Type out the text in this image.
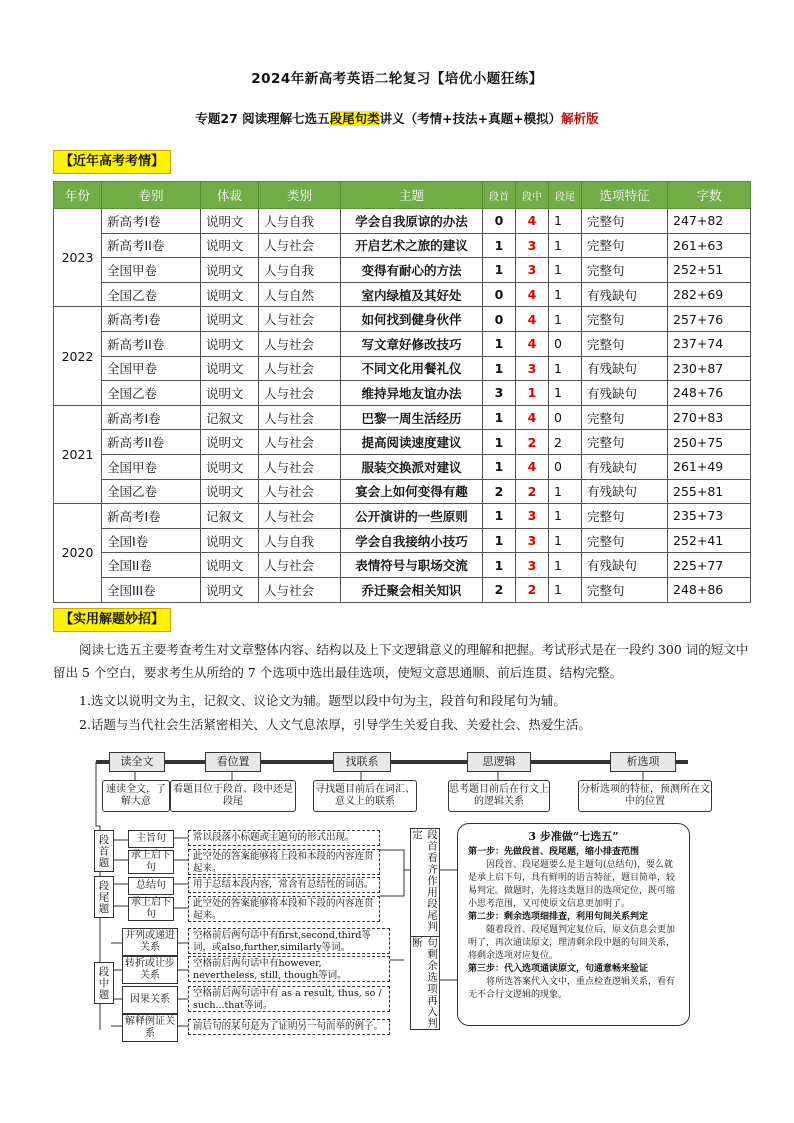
2024年新高考英语二轮复习【培优小题狂练】
专题27 阅读理解七选五段尾句类讲义（考情+技法+真题+模拟）解析版
【近年高考考情】
年份	卷别	体裁	类别	主题	段首	段中	段尾	选项特征	字数
2023	新高考I卷	说明文	人与自我	学会自我原谅的办法	0	4	1	完整句	247+82
	新高考II卷	说明文	人与社会	开启艺术之旅的建议	1	3	1	完整句	261+63
	全国甲卷	说明文	人与自我	变得有耐心的方法	1	3	1	完整句	252+51
	全国乙卷	说明文	人与自然	室内绿植及其好处	0	4	1	有残缺句	282+69
2022	新高考I卷	说明文	人与社会	如何找到健身伙伴	0	4	1	完整句	257+76
	新高考II卷	说明文	人与社会	写文章好修改技巧	1	4	0	完整句	237+74
	全国甲卷	说明文	人与社会	不同文化用餐礼仪	1	3	1	有残缺句	230+87
	全国乙卷	说明文	人与社会	维持异地友谊办法	3	1	1	有残缺句	248+76
2021	新高考I卷	记叙文	人与社会	巴黎一周生活经历	1	4	0	完整句	270+83
	新高考II卷	说明文	人与社会	提高阅读速度建议	1	2	2	完整句	250+75
	全国甲卷	说明文	人与社会	服装交换派对建议	1	4	0	有残缺句	261+49
	全国乙卷	说明文	人与社会	宴会上如何变得有趣	2	2	1	有残缺句	255+81
2020	新高考I卷	记叙文	人与社会	公开演讲的一些原则	1	3	1	完整句	235+73
	全国I卷	说明文	人与自我	学会自我接纳小技巧	1	3	1	完整句	252+41
	全国II卷	说明文	人与社会	表情符号与职场交流	1	3	1	有残缺句	225+77
	全国III卷	说明文	人与社会	乔迁聚会相关知识	2	2	1	完整句	248+86
【实用解题妙招】
阅读七选五主要考查考生对文章整体内容、结构以及上下文逻辑意义的理解和把握。考试形式是在一段约 300 词的短文中留出 5 个空白，要求考生从所给的 7 个选项中选出最佳选项，使短文意思通顺、前后连贯、结构完整。
1.选文以说明文为主，记叙文、议论文为辅。题型以段中句为主，段首句和段尾句为辅。
2.话题与当代社会生活紧密相关、人文气息浓厚，引导学生关爱自我、关爱社会、热爱生活。
读全文
速读全文，了解大意
看位置
看题目位于段首、段中还是段尾
找联系
寻找题目前后在词汇、意义上的联系
思逻辑
思考题目前后在行文上的逻辑关系
析选项
分析选项的特征，预测所在文中的位置
段首题
段尾题
段中题
主旨句
承上启下句
总结句
承上启下句
并列或递进关系
转折或让步关系
因果关系
解释例证关系
常以段落小标题或主题句的形式出现。
此空处的答案能够将上段和本段的内容连贯起来。
用于总结本段内容，常含有总结性的词语。
此空处的答案能够将本段和下段的内容连贯起来。
空格前后两句话中有first,second,third等词，或also,further,similarly等词。
空格前后两句话中有however, nevertheless, still, though等词。
空格前后两句话中有 as a result, thus, so / such...that等词。
前后句的某句是为了证明另一句而举的例子。
段首看齐作用段尾判定
句剩余选项再入判断
3 步准做“七选五”
第一步：先做段首、段尾题，缩小排查范围
因段首、段尾题要么是主题句(总结句)，要么就是承上启下句，具有鲜明的语言特征，题目简单，较易判定。做题时，先将这类题目的选项定位，既可缩小思考范围，又可使原文信息更加明了。
第二步：剩余选项细排查，利用句间关系判定
随着段首、段尾题判定复位后，原文信息会更加明了，再次通读原文，理清剩余段中题的句间关系，将剩余选项对应复位。
第三步：代入选项通读原文，句通意畅来验证
将所选答案代入文中，重点检查逻辑关系，看有无不合行文逻辑的现象。
